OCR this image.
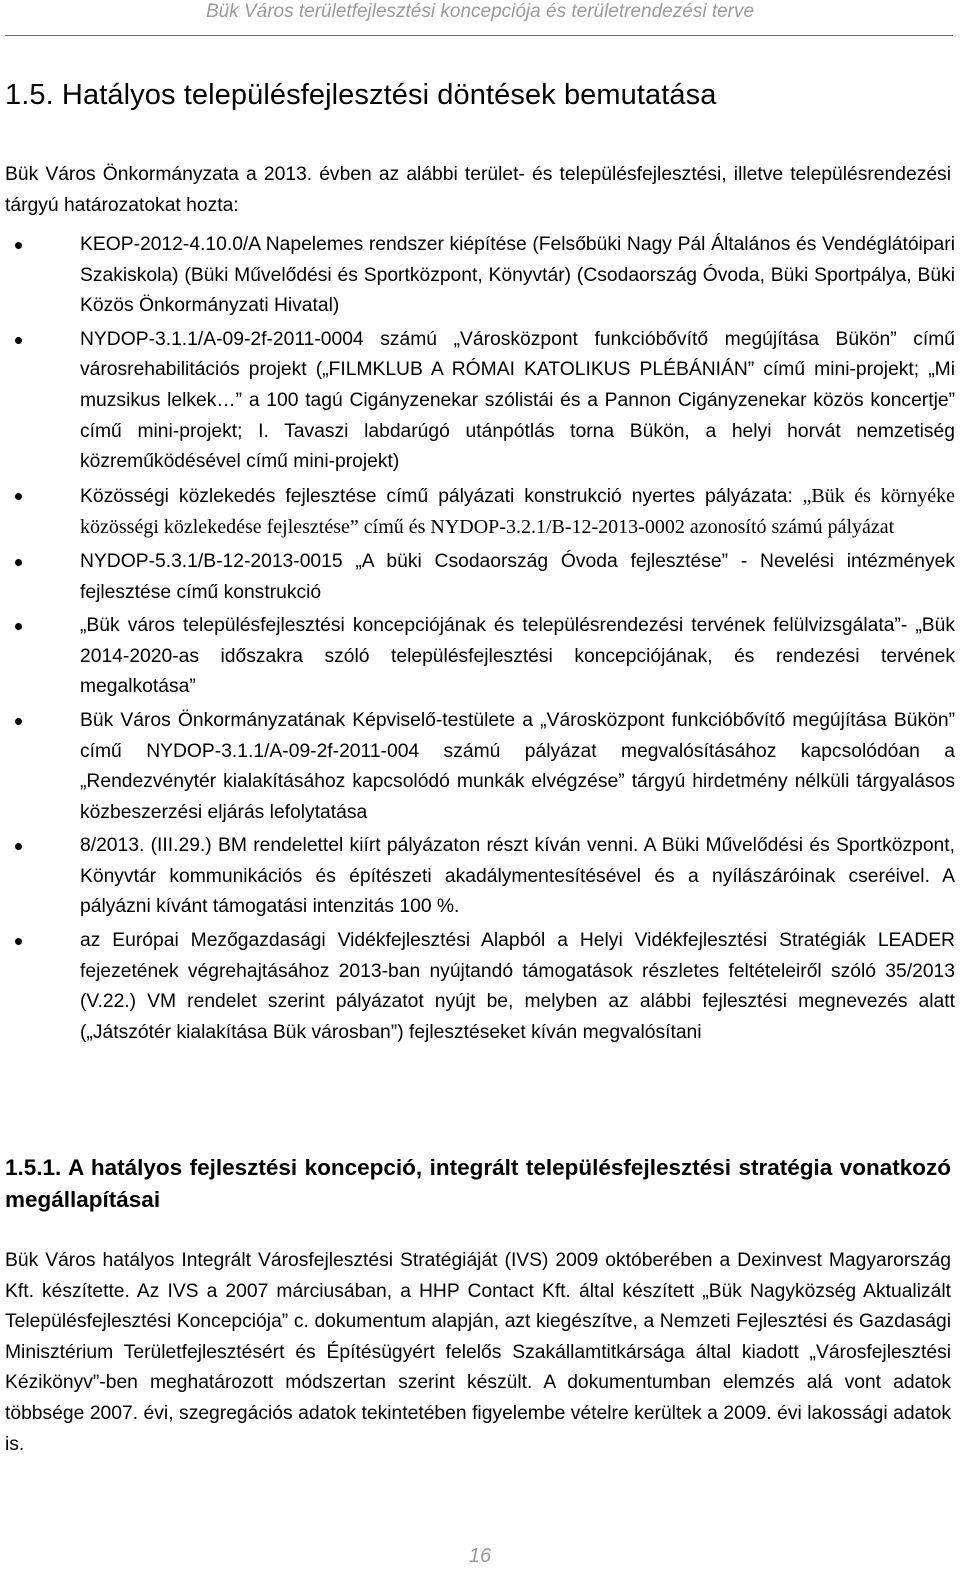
Bük Város területfejlesztési koncepciója és területrendezési terve
1.5. Hatályos településfejlesztési döntések bemutatása

Bük Város Önkormányzata a 2013. évben az alábbi terület- és településfejlesztési, illetve településrendezési tárgyú határozatokat hozta:

KEOP-2012-4.10.0/A Napelemes rendszer kiépítése (Felsőbüki Nagy Pál Általános és Vendéglátóipari Szakiskola) (Büki Művelődési és Sportközpont, Könyvtár) (Csodaország Óvoda, Büki Sportpálya, Büki Közös Önkormányzati Hivatal)
NYDOP-3.1.1/A-09-2f-2011-0004 számú „Városközpont funkcióbővítő megújítása Bükön” című városrehabilitációs projekt („FILMKLUB A RÓMAI KATOLIKUS PLÉBÁNIÁN” című mini-projekt; „Mi muzsikus lelkek…” a 100 tagú Cigányzenekar szólistái és a Pannon Cigányzenekar közös koncertje” című mini-projekt; I. Tavaszi labdarúgó utánpótlás torna Bükön, a helyi horvát nemzetiség közreműködésével című mini-projekt)
Közösségi közlekedés fejlesztése című pályázati konstrukció nyertes pályázata: „Bük és környéke közösségi közlekedése fejlesztése” című és NYDOP-3.2.1/B-12-2013-0002 azonosító számú pályázat
NYDOP-5.3.1/B-12-2013-0015 „A büki Csodaország Óvoda fejlesztése” - Nevelési intézmények fejlesztése című konstrukció
„Bük város településfejlesztési koncepciójának és településrendezési tervének felülvizsgálata”- „Bük 2014-2020-as időszakra szóló településfejlesztési koncepciójának, és rendezési tervének megalkotása”
Bük Város Önkormányzatának Képviselő-testülete a „Városközpont funkcióbővítő megújítása Bükön” című NYDOP-3.1.1/A-09-2f-2011-004 számú pályázat megvalósításához kapcsolódóan a „Rendezvénytér kialakításához kapcsolódó munkák elvégzése” tárgyú hirdetmény nélküli tárgyalásos közbeszerzési eljárás lefolytatása
8/2013. (III.29.) BM rendelettel kiírt pályázaton részt kíván venni. A Büki Művelődési és Sportközpont, Könyvtár kommunikációs és építészeti akadálymentesítésével és a nyílászáróinak cseréivel. A pályázni kívánt támogatási intenzitás 100 %.
az Európai Mezőgazdasági Vidékfejlesztési Alapból a Helyi Vidékfejlesztési Stratégiák LEADER fejezetének végrehajtásához 2013-ban nyújtandó támogatások részletes feltételeiről szóló 35/2013 (V.22.) VM rendelet szerint pályázatot nyújt be, melyben az alábbi fejlesztési megnevezés alatt („Játszótér kialakítása Bük városban”) fejlesztéseket kíván megvalósítani
1.5.1. A hatályos fejlesztési koncepció, integrált településfejlesztési stratégia vonatkozó megállapításai

Bük Város hatályos Integrált Városfejlesztési Stratégiáját (IVS) 2009 októberében a Dexinvest Magyarország Kft. készítette. Az IVS a 2007 márciusában, a HHP Contact Kft. által készített „Bük Nagyközség Aktualizált Településfejlesztési Koncepciója” c. dokumentum alapján, azt kiegészítve, a Nemzeti Fejlesztési és Gazdasági Minisztérium Területfejlesztésért és Építésügyért felelős Szakállamtitkársága által kiadott „Városfejlesztési Kézikönyv”-ben meghatározott módszertan szerint készült. A dokumentumban elemzés alá vont adatok többsége 2007. évi, szegregációs adatok tekintetében figyelembe vételre kerültek a 2009. évi lakossági adatok is.

16
